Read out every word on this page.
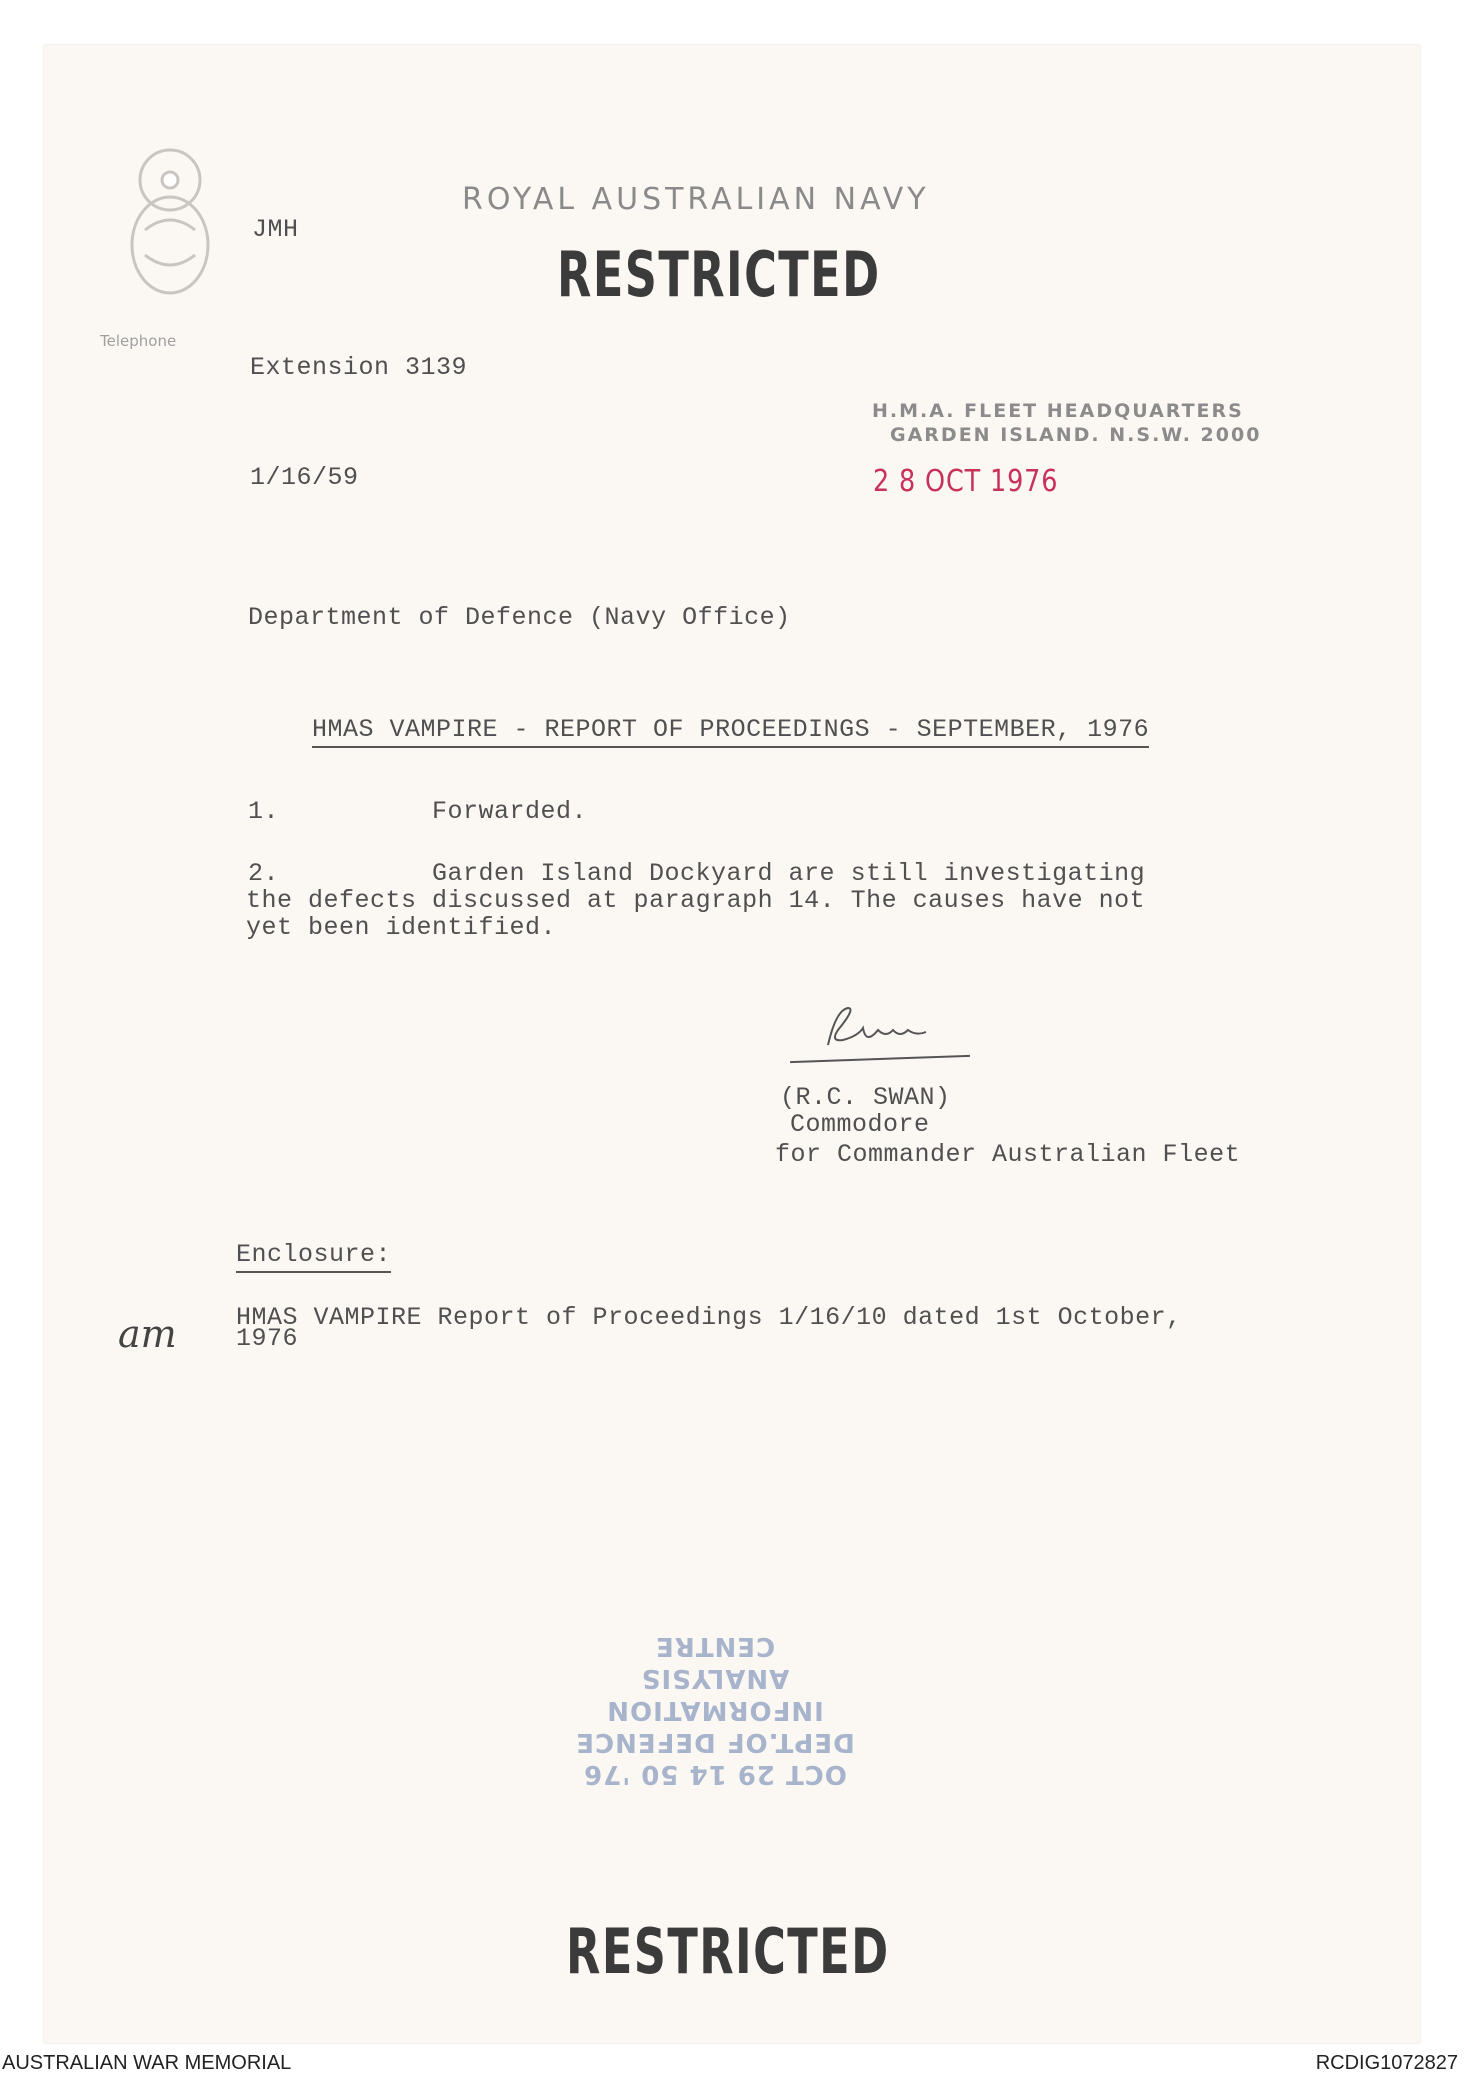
JMH
ROYAL AUSTRALIAN NAVY
RESTRICTED
Telephone
Extension 3139
1/16/59
H.M.A. FLEET HEADQUARTERS
GARDEN ISLAND. N.S.W. 2000
2 8 OCT 1976
Department of Defence (Navy Office)
HMAS VAMPIRE - REPORT OF PROCEEDINGS - SEPTEMBER, 1976
1.	Forwarded.
2.	Garden Island Dockyard are still investigating
the defects discussed at paragraph 14. The causes have not
yet been identified.
(R.C. SWAN)
Commodore
for Commander Australian Fleet
Enclosure:
HMAS VAMPIRE Report of Proceedings 1/16/10 dated 1st October,
1976
am
OCT 29 14 50 '76
DEPT.OF DEFENCE
INFORMATION ANALYSIS
CENTRE
RESTRICTED
AUSTRALIAN WAR MEMORIAL	RCDIG1072827
